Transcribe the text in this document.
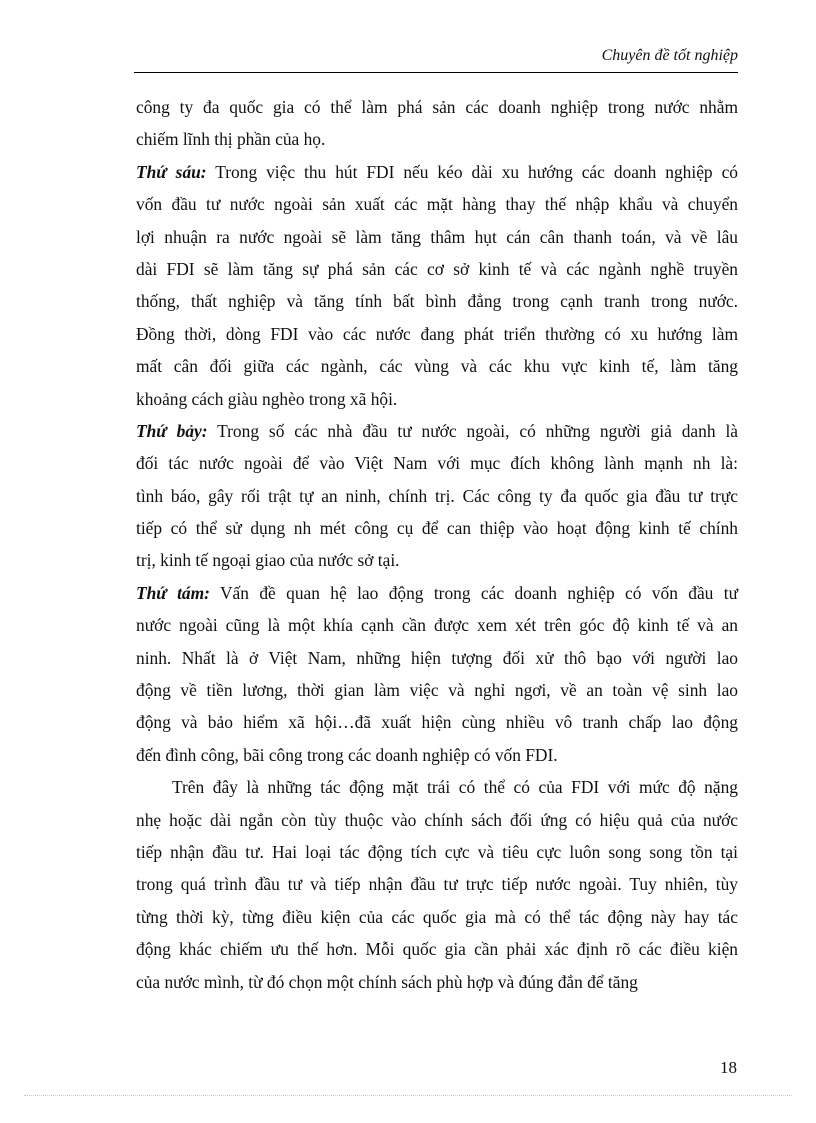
Chuyên đề tốt nghiệp
công ty đa quốc gia có thể làm phá sản các doanh nghiệp trong nước nhằm
chiếm lĩnh thị phần của họ.
Thứ sáu: Trong việc thu hút FDI nếu kéo dài xu hướng các doanh nghiệp có
vốn đầu tư nước ngoài sản xuất các mặt hàng thay thế nhập khẩu và chuyển
lợi nhuận ra nước ngoài sẽ làm tăng thâm hụt cán cân thanh toán, và về lâu
dài FDI sẽ làm tăng sự phá sản các cơ sở kinh tế và các ngành nghề truyền
thống, thất nghiệp và tăng tính bất bình đẳng trong cạnh tranh trong nước.
Đồng thời, dòng FDI vào các nước đang phát triển thường có xu hướng làm
mất cân đối giữa các ngành, các vùng và các khu vực kinh tế, làm tăng
khoảng cách giàu nghèo trong xã hội.
Thứ bảy: Trong số các nhà đầu tư nước ngoài, có những người giả danh là
đối tác nước ngoài để vào Việt Nam với mục đích không lành mạnh nh là:
tình báo, gây rối trật tự an ninh, chính trị. Các công ty đa quốc gia đầu tư trực
tiếp có thể sử dụng nh mét công cụ để can thiệp vào hoạt động kinh tế chính
trị, kinh tế ngoại giao của nước sở tại.
Thứ tám: Vấn đề quan hệ lao động trong các doanh nghiệp có vốn đầu tư
nước ngoài cũng là một khía cạnh cần được xem xét trên góc độ kinh tế và an
ninh. Nhất là ở Việt Nam, những hiện tượng đối xử thô bạo với người lao
động về tiền lương, thời gian làm việc và nghỉ ngơi, về an toàn vệ sinh lao
động và bảo hiểm xã hội…đã xuất hiện cùng nhiều vô tranh chấp lao động
đến đình công, bãi công trong các doanh nghiệp có vốn FDI.
Trên đây là những tác động mặt trái có thể có của FDI với mức độ nặng
nhẹ hoặc dài ngắn còn tùy thuộc vào chính sách đối ứng có hiệu quả của nước
tiếp nhận đầu tư. Hai loại tác động tích cực và tiêu cực luôn song song tồn tại
trong quá trình đầu tư và tiếp nhận đầu tư trực tiếp nước ngoài. Tuy nhiên, tùy
từng thời kỳ, từng điều kiện của các quốc gia mà có thể tác động này hay tác
động khác chiếm ưu thế hơn. Mỗi quốc gia cần phải xác định rõ các điều kiện
của nước mình, từ đó chọn một chính sách phù hợp và đúng đắn để tăng
18
